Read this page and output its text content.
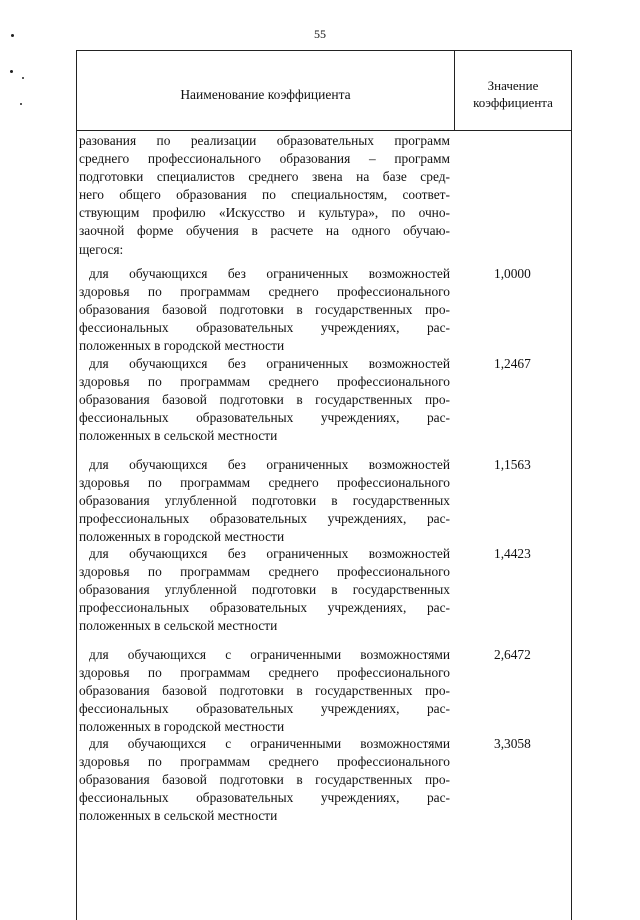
55
Наименование коэффициента
Значение
коэффициента
разования по реализации образовательных программ
среднего профессионального образования – программ
подготовки специалистов среднего звена на базе сред-
него общего образования по специальностям, соответ-
ствующим профилю «Искусство и культура», по очно-
заочной форме обучения в расчете на одного обучаю-
щегося:
для обучающихся без ограниченных возможностей
здоровья по программам среднего профессионального
образования базовой подготовки в государственных про-
фессиональных образовательных учреждениях, рас-
положенных в городской местности
1,0000
для обучающихся без ограниченных возможностей
здоровья по программам среднего профессионального
образования базовой подготовки в государственных про-
фессиональных образовательных учреждениях, рас-
положенных в сельской местности
1,2467
для обучающихся без ограниченных возможностей
здоровья по программам среднего профессионального
образования углубленной подготовки в государственных
профессиональных образовательных учреждениях, рас-
положенных в городской местности
1,1563
для обучающихся без ограниченных возможностей
здоровья по программам среднего профессионального
образования углубленной подготовки в государственных
профессиональных образовательных учреждениях, рас-
положенных в сельской местности
1,4423
для обучающихся с ограниченными возможностями
здоровья по программам среднего профессионального
образования базовой подготовки в государственных про-
фессиональных образовательных учреждениях, рас-
положенных в городской местности
2,6472
для обучающихся с ограниченными возможностями
здоровья по программам среднего профессионального
образования базовой подготовки в государственных про-
фессиональных образовательных учреждениях, рас-
положенных в сельской местности
3,3058
